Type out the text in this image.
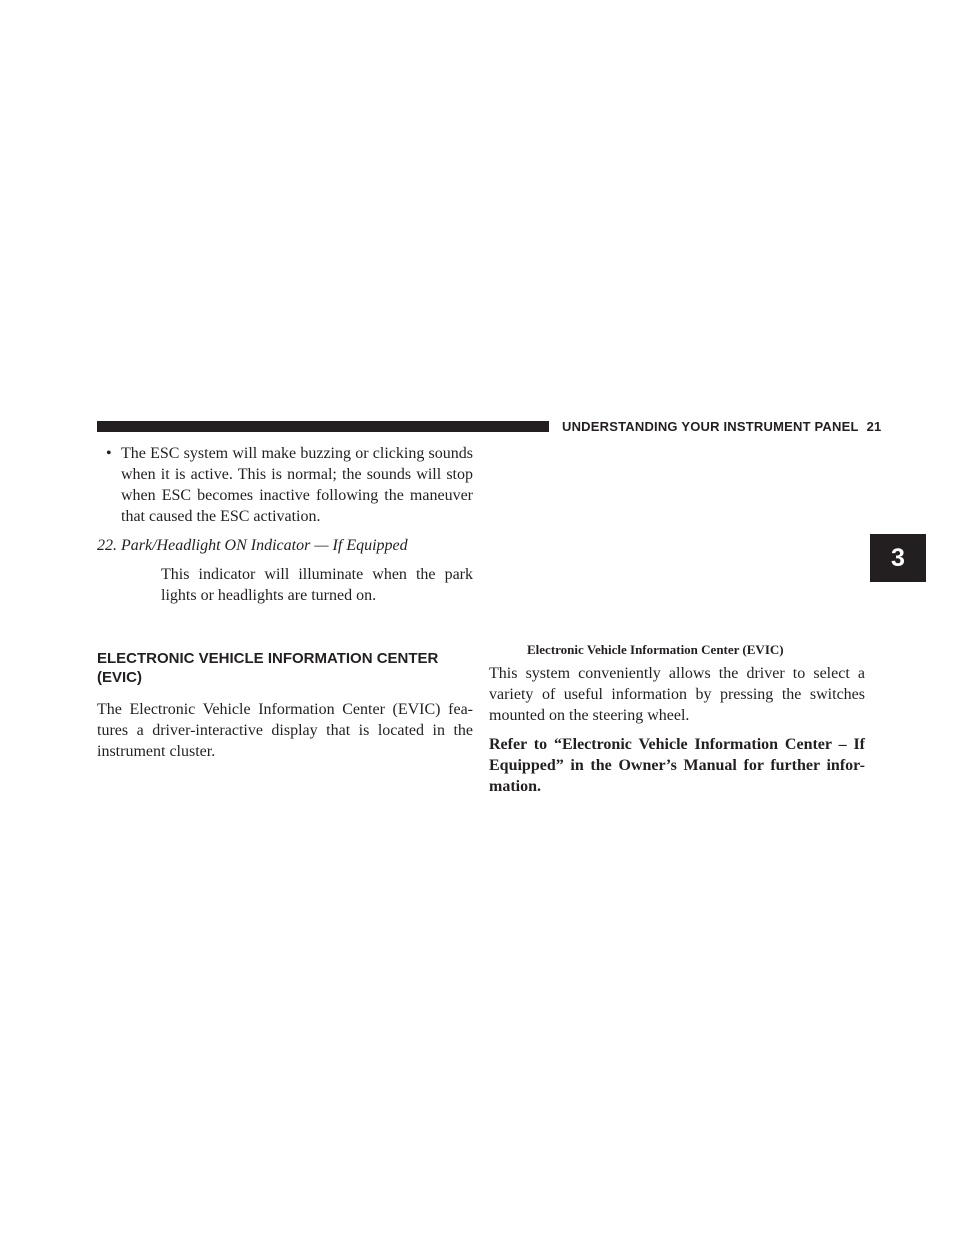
UNDERSTANDING YOUR INSTRUMENT PANEL 21
3

• The ESC system will make buzzing or clicking sounds when it is active. This is normal; the sounds will stop when ESC becomes inactive following the maneuver that caused the ESC activation.

22. Park/Headlight ON Indicator — If Equipped

This indicator will illuminate when the park lights or headlights are turned on.

ELECTRONIC VEHICLE INFORMATION CENTER (EVIC)

The Electronic Vehicle Information Center (EVIC) fea-tures a driver-interactive display that is located in the instrument cluster.

Electronic Vehicle Information Center (EVIC)

This system conveniently allows the driver to select a variety of useful information by pressing the switches mounted on the steering wheel.

Refer to “Electronic Vehicle Information Center – If Equipped” in the Owner’s Manual for further infor-mation.
